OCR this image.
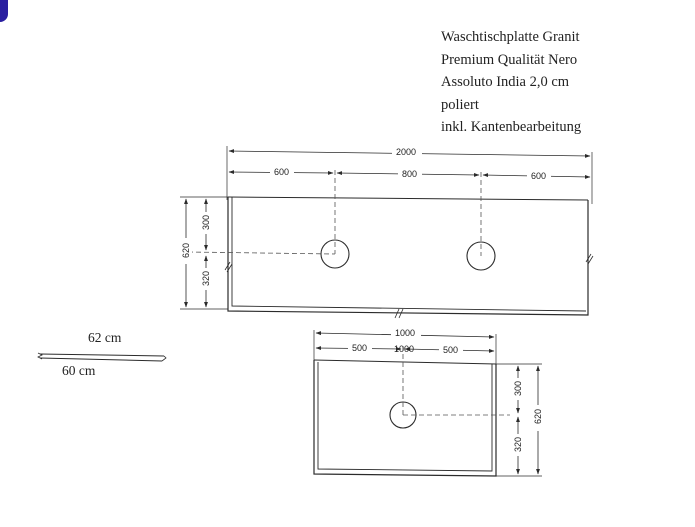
Waschtischplatte Granit
Premium Qualität Nero
Assoluto India 2,0 cm
poliert
inkl. Kantenbearbeitung
2000
600	800	600
620
300
320
1000
500	1000	500
620
300
320
62 cm
60 cm
